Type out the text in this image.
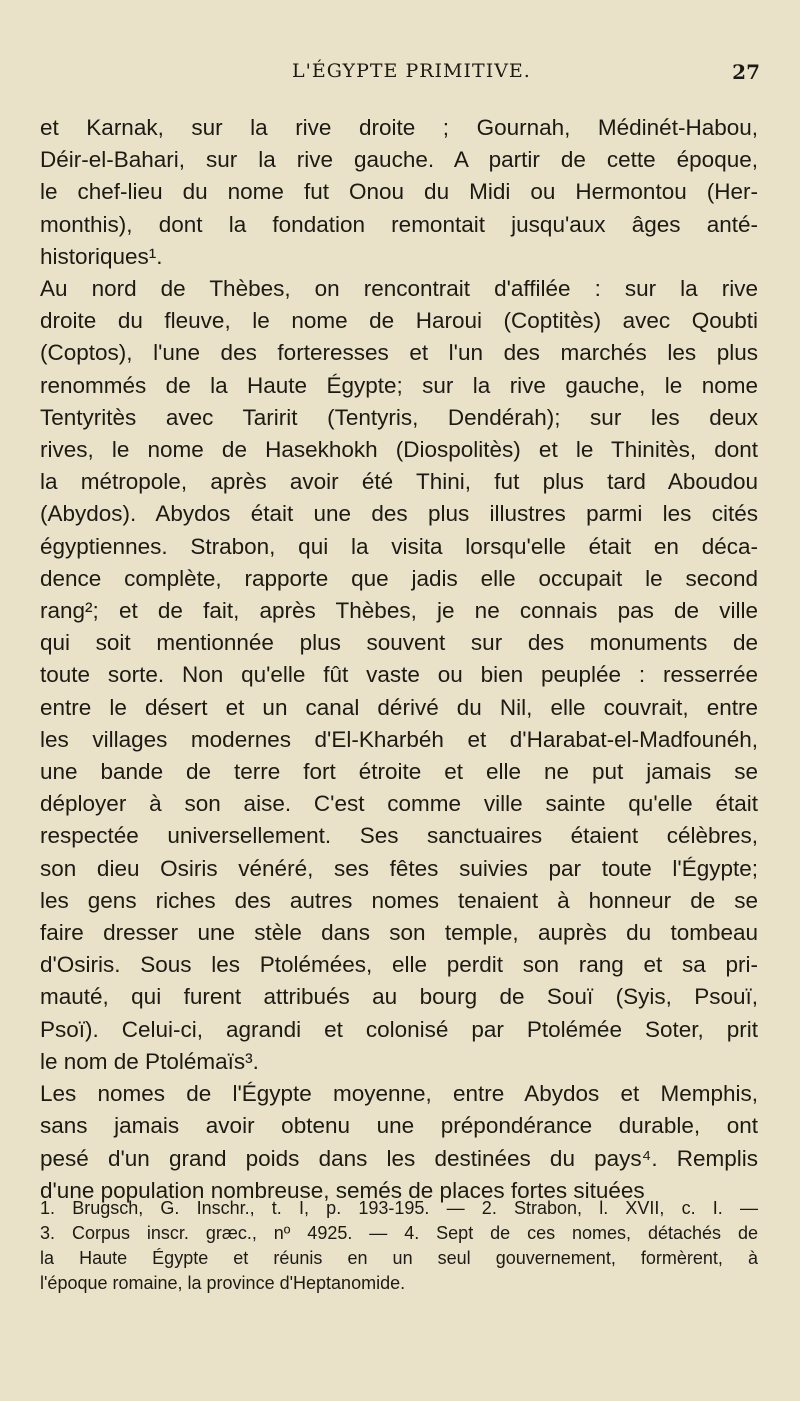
L'ÉGYPTE PRIMITIVE.	27
et Karnak, sur la rive droite ; Gournah, Médinét-Habou,
Déir-el-Bahari, sur la rive gauche. A partir de cette époque,
le chef-lieu du nome fut Onou du Midi ou Hermontou (Her-
monthis), dont la fondation remontait jusqu'aux âges anté-
historiques¹.
Au nord de Thèbes, on rencontrait d'affilée : sur la rive
droite du fleuve, le nome de Haroui (Coptitès) avec Qoubti
(Coptos), l'une des forteresses et l'un des marchés les plus
renommés de la Haute Égypte; sur la rive gauche, le nome
Tentyritès avec Taririt (Tentyris, Dendérah); sur les deux
rives, le nome de Hasekhokh (Diospolitès) et le Thinitès, dont
la métropole, après avoir été Thini, fut plus tard Aboudou
(Abydos). Abydos était une des plus illustres parmi les cités
égyptiennes. Strabon, qui la visita lorsqu'elle était en déca-
dence complète, rapporte que jadis elle occupait le second
rang²; et de fait, après Thèbes, je ne connais pas de ville
qui soit mentionnée plus souvent sur des monuments de
toute sorte. Non qu'elle fût vaste ou bien peuplée : resserrée
entre le désert et un canal dérivé du Nil, elle couvrait, entre
les villages modernes d'El-Kharbéh et d'Harabat-el-Madfounéh,
une bande de terre fort étroite et elle ne put jamais se
déployer à son aise. C'est comme ville sainte qu'elle était
respectée universellement. Ses sanctuaires étaient célèbres,
son dieu Osiris vénéré, ses fêtes suivies par toute l'Égypte;
les gens riches des autres nomes tenaient à honneur de se
faire dresser une stèle dans son temple, auprès du tombeau
d'Osiris. Sous les Ptolémées, elle perdit son rang et sa pri-
mauté, qui furent attribués au bourg de Souï (Syis, Psouï,
Psoï). Celui-ci, agrandi et colonisé par Ptolémée Soter, prit
le nom de Ptolémaïs³.
Les nomes de l'Égypte moyenne, entre Abydos et Memphis,
sans jamais avoir obtenu une prépondérance durable, ont
pesé d'un grand poids dans les destinées du pays⁴. Remplis
d'une population nombreuse, semés de places fortes situées
1. Brugsch, G. Inschr., t. I, p. 193-195. — 2. Strabon, l. XVII, c. I. —
3. Corpus inscr. græc., nº 4925. — 4. Sept de ces nomes, détachés de
la Haute Égypte et réunis en un seul gouvernement, formèrent, à
l'époque romaine, la province d'Heptanomide.
